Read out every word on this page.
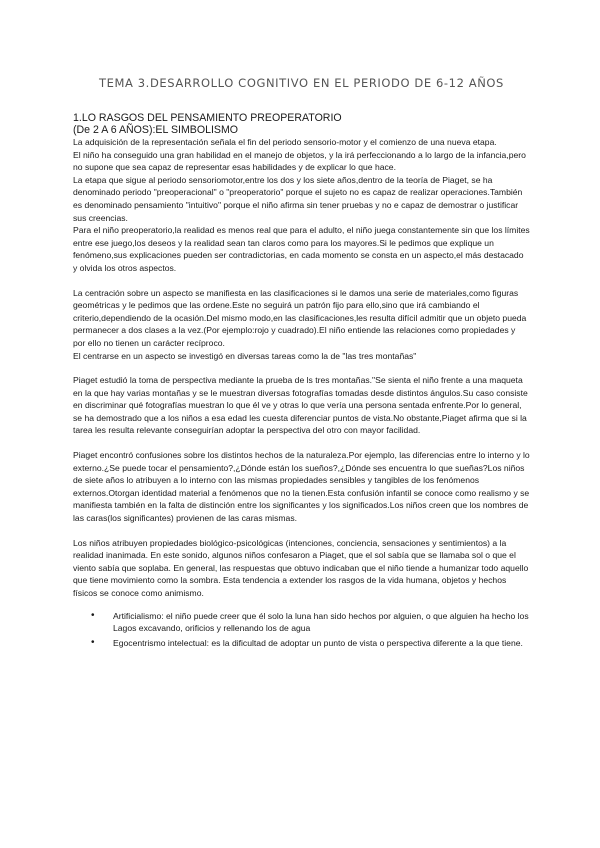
TEMA 3.DESARROLLO COGNITIVO EN EL PERIODO DE 6-12 AÑOS
1.LO RASGOS DEL PENSAMIENTO PREOPERATORIO
(De 2 A 6 AÑOS):EL SIMBOLISMO

La adquisición de la representación señala el fin del periodo sensorio-motor y el comienzo de una nueva etapa.

El niño ha conseguido una gran habilidad en el manejo de objetos, y la irá perfeccionando a lo largo de la infancia,pero no supone que sea capaz de representar esas habilidades y de explicar lo que hace.

La etapa que sigue al periodo sensoriomotor,entre los dos y los siete años,dentro de la teoría de Piaget, se ha denominado periodo "preoperacional" o "preoperatorio" porque el sujeto no es capaz de realizar operaciones.También es denominado pensamiento "intuitivo" porque el niño afirma sin tener pruebas y no e capaz de demostrar o justificar sus creencias.

Para el niño preoperatorio,la realidad es menos real que para el adulto, el niño juega constantemente sin que los límites entre ese juego,los deseos y la realidad sean tan claros como para los mayores.Si le pedimos que explique un fenómeno,sus explicaciones pueden ser contradictorias, en cada momento se consta en un aspecto,el más destacado y olvida los otros aspectos.

La centración sobre un aspecto se manifiesta en las clasificaciones si le damos una serie de materiales,como figuras geométricas y le pedimos que las ordene.Este no seguirá un patrón fijo para ello,sino que irá cambiando el criterio,dependiendo de la ocasión.Del mismo modo,en las clasificaciones,les resulta difícil admitir que un objeto pueda permanecer a dos clases a la vez.(Por ejemplo:rojo y cuadrado).El niño entiende las relaciones como propiedades y por ello no tienen un carácter recíproco.

El centrarse en un aspecto se investigó en diversas tareas como la de "las tres montañas"

Piaget estudió la toma de perspectiva mediante la prueba de ls tres montañas."Se sienta el niño frente a una maqueta en la que hay varias montañas y se le muestran diversas fotografías tomadas desde distintos ángulos.Su caso consiste en discriminar qué fotografías muestran lo que él ve y otras lo que vería una persona sentada enfrente.Por lo general, se ha demostrado que a los niños a esa edad les cuesta diferenciar puntos de vista.No obstante,Piaget afirma que si la tarea les resulta relevante conseguirían adoptar la perspectiva del otro con mayor facilidad.

Piaget encontró confusiones sobre los distintos hechos de la naturaleza.Por ejemplo, las diferencias entre lo interno y lo externo.¿Se puede tocar el pensamiento?,¿Dónde están los sueños?,¿Dónde ses encuentra lo que sueñas?Los niños de siete años lo atribuyen a lo interno con las mismas propiedades sensibles y tangibles de los fenómenos externos.Otorgan identidad material a fenómenos que no la tienen.Esta confusión infantil se conoce como realismo y se manifiesta también en la falta de distinción entre los significantes y los significados.Los niños creen que los nombres de las caras(los significantes) provienen de las caras mismas.

Los niños atribuyen propiedades biológico-psicológicas (intenciones, conciencia, sensaciones y sentimientos) a la realidad inanimada. En este sonido, algunos niños confesaron a Piaget, que el sol sabía que se llamaba sol o que el viento sabía que soplaba. En general, las respuestas que obtuvo indicaban que el niño tiende a humanizar todo aquello que tiene movimiento como la sombra. Esta tendencia a extender los rasgos de la vida humana, objetos y hechos físicos se conoce como animismo.

• Artificialismo: el niño puede creer que él solo la luna han sido hechos por alguien, o que alguien ha hecho los Lagos excavando, orificios y rellenando los de agua
• Egocentrismo intelectual: es la dificultad de adoptar un punto de vista o perspectiva diferente a la que tiene.
